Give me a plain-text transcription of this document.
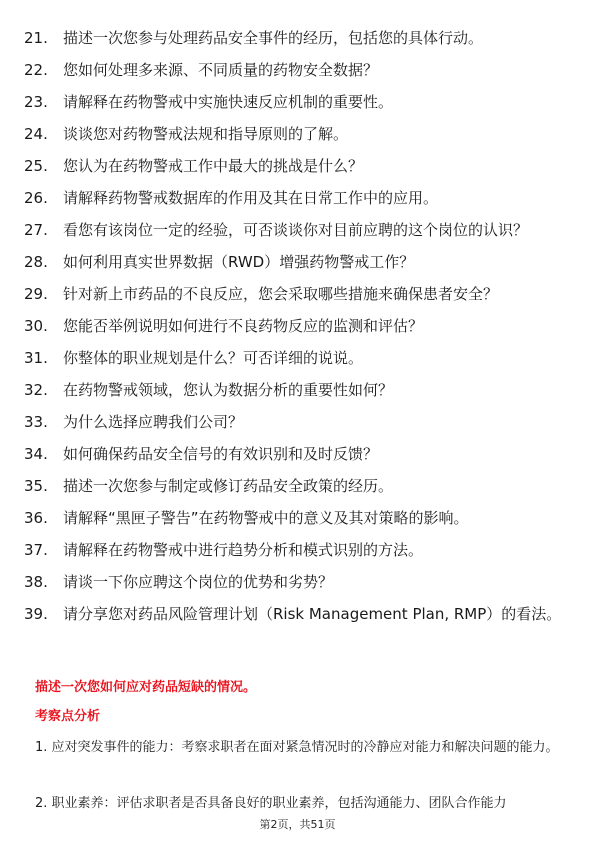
21.	描述一次您参与处理药品安全事件的经历，包括您的具体行动。
22.	您如何处理多来源、不同质量的药物安全数据？
23.	请解释在药物警戒中实施快速反应机制的重要性。
24.	谈谈您对药物警戒法规和指导原则的了解。
25.	您认为在药物警戒工作中最大的挑战是什么？
26.	请解释药物警戒数据库的作用及其在日常工作中的应用。
27.	看您有该岗位一定的经验，可否谈谈你对目前应聘的这个岗位的认识？
28.	如何利用真实世界数据（RWD）增强药物警戒工作？
29.	针对新上市药品的不良反应，您会采取哪些措施来确保患者安全？
30.	您能否举例说明如何进行不良药物反应的监测和评估？
31.	你整体的职业规划是什么？可否详细的说说。
32.	在药物警戒领域，您认为数据分析的重要性如何？
33.	为什么选择应聘我们公司？
34.	如何确保药品安全信号的有效识别和及时反馈？
35.	描述一次您参与制定或修订药品安全政策的经历。
36.	请解释“黑匣子警告”在药物警戒中的意义及其对策略的影响。
37.	请解释在药物警戒中进行趋势分析和模式识别的方法。
38.	请谈一下你应聘这个岗位的优势和劣势？
39.	请分享您对药品风险管理计划（Risk Management Plan, RMP）的看法。
描述一次您如何应对药品短缺的情况。
考察点分析

1. 应对突发事件的能力：考察求职者在面对紧急情况时的冷静应对能力和解决问题的能力。

2. 职业素养：评估求职者是否具备良好的职业素养，包括沟通能力、团队合作能力

第2页，共51页
